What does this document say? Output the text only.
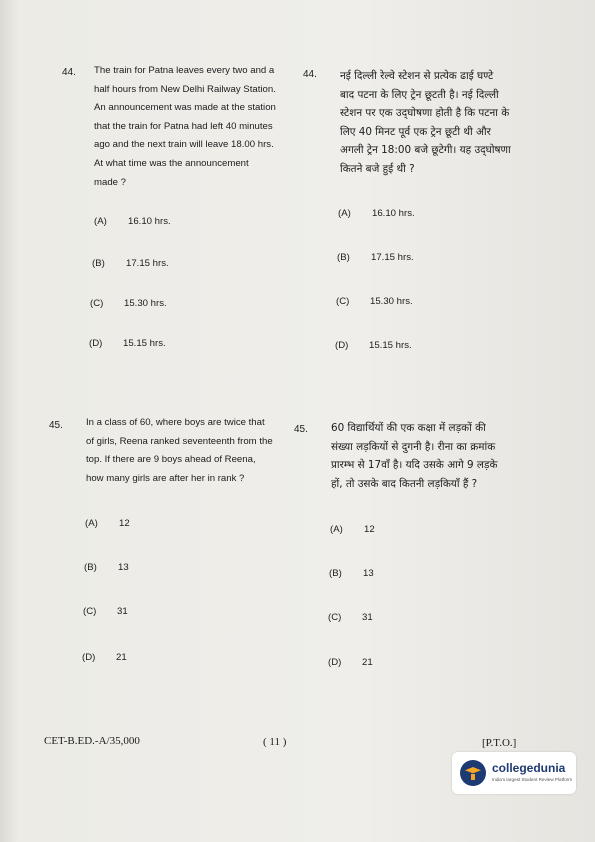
44. The train for Patna leaves every two and a
half hours from New Delhi Railway Station.
An announcement was made at the station
that the train for Patna had left 40 minutes
ago and the next train will leave 18.00 hrs.
At what time was the announcement
made ?
44. नई दिल्ली रेल्वे स्टेशन से प्रत्येक ढाई घण्टे
बाद पटना के लिए ट्रेन छूटती है। नई दिल्ली
स्टेशन पर एक उद्‌घोषणा होती है कि पटना के
लिए 40 मिनट पूर्व एक ट्रेन छूटी थी और
अगली ट्रेन 18:00 बजे छूटेगी। यह उद्‌घोषणा
कितने बजे हुई थी ?
(A) 16.10 hrs.
(B) 17.15 hrs.
(C) 15.30 hrs.
(D) 15.15 hrs.
(A) 16.10 hrs.
(B) 17.15 hrs.
(C) 15.30 hrs.
(D) 15.15 hrs.
45. In a class of 60, where boys are twice that
of girls, Reena ranked seventeenth from the
top. If there are 9 boys ahead of Reena,
how many girls are after her in rank ?
45. 60 विद्यार्थियों की एक कक्षा में लड़कों की
संख्या लड़कियों से दुगनी है। रीना का क्रमांक
प्रारम्भ से 17वाँ है। यदि उसके आगे 9 लड़के
हों, तो उसके बाद कितनी लड़कियाँ हैं ?
(A) 12
(B) 13
(C) 31
(D) 21
(A) 12
(B) 13
(C) 31
(D) 21
CET-B.ED.-A/35,000	( 11 )	[P.T.O.]
collegedunia
India's largest Student Review Platform
